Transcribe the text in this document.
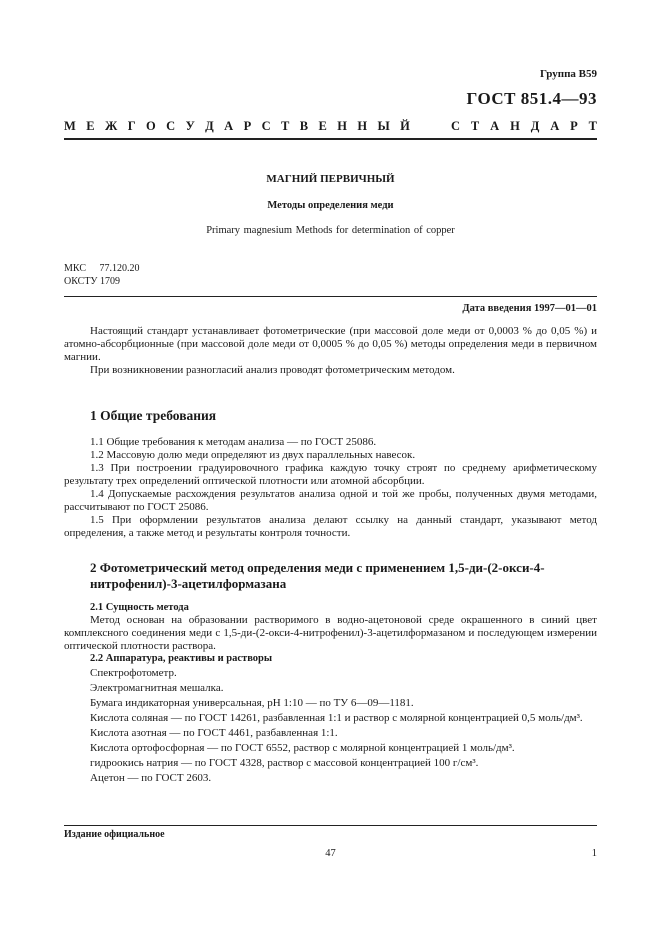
Группа В59
ГОСТ 851.4—93
М Е Ж Г О С У Д А Р С Т В Е Н Н Ы Й	С Т А Н Д А Р Т
МАГНИЙ ПЕРВИЧНЫЙ
Методы определения меди
Primary magnesium Methods for determination of copper
МКС 77.120.20
ОКСТУ 1709
Дата введения 1997—01—01

Настоящий стандарт устанавливает фотометрические (при массовой доле меди от 0,0003 % до 0,05 %) и атомно-абсорбционные (при массовой доле меди от 0,0005 % до 0,05 %) методы определения меди в первичном магнии.

При возникновении разногласий анализ проводят фотометрическим методом.

1 Общие требования

1.1 Общие требования к методам анализа — по ГОСТ 25086.

1.2 Массовую долю меди определяют из двух параллельных навесок.

1.3 При построении градуировочного графика каждую точку строят по среднему арифметическому результату трех определений оптической плотности или атомной абсорбции.

1.4 Допускаемые расхождения результатов анализа одной и той же пробы, полученных двумя методами, рассчитывают по ГОСТ 25086.

1.5 При оформлении результатов анализа делают ссылку на данный стандарт, указывают метод определения, а также метод и результаты контроля точности.

2 Фотометрический метод определения меди с применением 1,5-ди-(2-окси-4-нитрофенил)-3-ацетилформазана
2.1 Сущность метода

Метод основан на образовании растворимого в водно-ацетоновой среде окрашенного в синий цвет комплексного соединения меди с 1,5-ди-(2-окси-4-нитрофенил)-3-ацетилформазаном и последующем измерении оптической плотности раствора.

2.2 Аппаратура, реактивы и растворы

Спектрофотометр.

Электромагнитная мешалка.

Бумага индикаторная универсальная, pH 1:10 — по ТУ 6—09—1181.

Кислота соляная — по ГОСТ 14261, разбавленная 1:1 и раствор с молярной концентрацией 0,5 моль/дм³.

Кислота азотная — по ГОСТ 4461, разбавленная 1:1.

Кислота ортофосфорная — по ГОСТ 6552, раствор с молярной концентрацией 1 моль/дм³.

гидроокись натрия — по ГОСТ 4328, раствор с массовой концентрацией 100 г/см³.

Ацетон — по ГОСТ 2603.

Издание официальное
47	1
